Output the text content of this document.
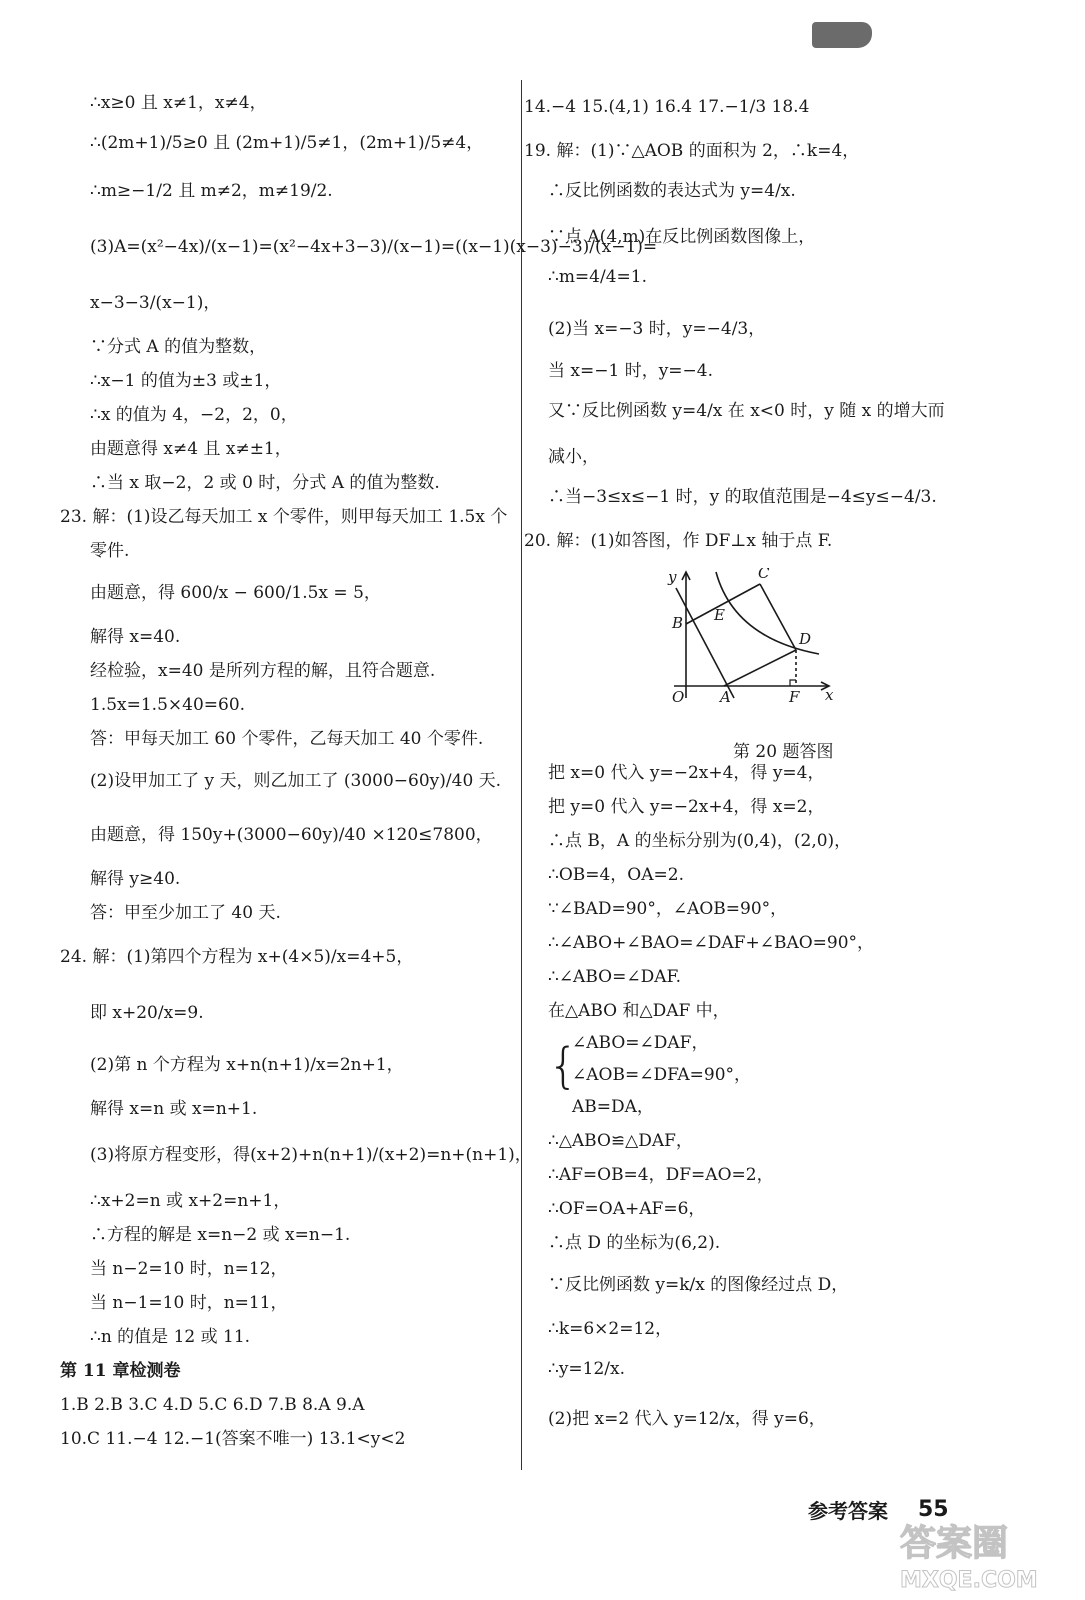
∴x≥0 且 x≠1，x≠4，
∴(2m+1)/5≥0 且 (2m+1)/5≠1，(2m+1)/5≠4，
∴m≥−1/2 且 m≠2，m≠19/2.
(3)A=(x²−4x)/(x−1)=(x²−4x+3−3)/(x−1)=((x−1)(x−3)−3)/(x−1)=
x−3−3/(x−1)，
∵分式 A 的值为整数，
∴x−1 的值为±3 或±1，
∴x 的值为 4，−2，2，0，
由题意得 x≠4 且 x≠±1，
∴当 x 取−2，2 或 0 时，分式 A 的值为整数.
23. 解：(1)设乙每天加工 x 个零件，则甲每天加工 1.5x 个
零件.
由题意，得 600/x − 600/1.5x = 5，
解得 x=40.
经检验，x=40 是所列方程的解，且符合题意.
1.5x=1.5×40=60.
答：甲每天加工 60 个零件，乙每天加工 40 个零件.
(2)设甲加工了 y 天，则乙加工了 (3000−60y)/40 天.
由题意，得 150y+(3000−60y)/40 ×120≤7800，
解得 y≥40.
答：甲至少加工了 40 天.
24. 解：(1)第四个方程为 x+(4×5)/x=4+5，
即 x+20/x=9.
(2)第 n 个方程为 x+n(n+1)/x=2n+1，
解得 x=n 或 x=n+1.
(3)将原方程变形，得(x+2)+n(n+1)/(x+2)=n+(n+1)，
∴x+2=n 或 x+2=n+1，
∴方程的解是 x=n−2 或 x=n−1.
当 n−2=10 时，n=12，
当 n−1=10 时，n=11，
∴n 的值是 12 或 11.
第 11 章检测卷
1.B 2.B 3.C 4.D 5.C 6.D 7.B 8.A 9.A
10.C 11.−4 12.−1(答案不唯一) 13.1<y<2
14.−4 15.(4,1) 16.4 17.−1/3 18.4
19. 解：(1)∵△AOB 的面积为 2，∴k=4，
∴反比例函数的表达式为 y=4/x.
∵点 A(4,m)在反比例函数图像上，
∴m=4/4=1.
(2)当 x=−3 时，y=−4/3，
当 x=−1 时，y=−4.
又∵反比例函数 y=4/x 在 x<0 时，y 随 x 的增大而
减小，
∴当−3≤x≤−1 时，y 的取值范围是−4≤y≤−4/3.
20. 解：(1)如答图，作 DF⊥x 轴于点 F.
把 x=0 代入 y=−2x+4，得 y=4，
把 y=0 代入 y=−2x+4，得 x=2，
∴点 B，A 的坐标分别为(0,4)，(2,0)，
∴OB=4，OA=2.
∵∠BAD=90°，∠AOB=90°，
∴∠ABO+∠BAO=∠DAF+∠BAO=90°，
∴∠ABO=∠DAF.
在△ABO 和△DAF 中，
{
∠ABO=∠DAF，
∠AOB=∠DFA=90°，
AB=DA，
∴△ABO≌△DAF，
∴AF=OB=4，DF=AO=2，
∴OF=OA+AF=6，
∴点 D 的坐标为(6,2).
∵反比例函数 y=k/x 的图像经过点 D，
∴k=6×2=12，
∴y=12/x.
(2)把 x=2 代入 y=12/x，得 y=6，
y
x
O A
B
C
D
E
F
第 20 题答图
参考答案 55
答案圈
MXQE.COM
